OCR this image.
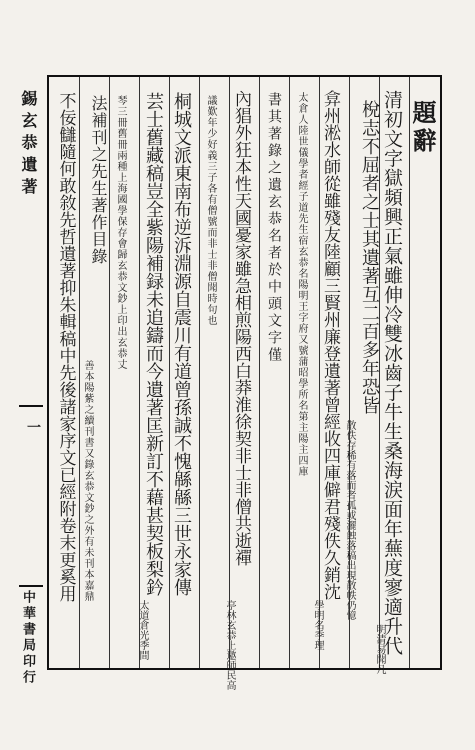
錫玄恭遺著
一
中華書局印行
題辭
清初文字獄頻興正氣雖伸冷雙冰齒子牛生桑海涙面年蕪度寥適升代
明清易聞凡
梲志不屈者之士其遺著互二百多年恐皆
散佚存稀有落而者孤或灑蝕落稿出現散帙仍憶
弇州淞水師從雖殘友陸顧三賢州廉登遺著曾經收四庫僻君殘佚久銷沈
學明名季理
太倉人陸世儀學者經子道先生宿玄恭名陽明王字府又號蒲昭學所名第主陽主四庫
書其著錄之遺玄恭名者於中頭文字僅
內猖外狂本性天國憂家雖急相煎陽西白莽淮徐契非士非僧共逝禪
亭林玄恭上邀師民高
議歎年少好義三子各有僧號而非士非僧聞時句也
桐城文派東南布逆泝淵源自震川有道曾孫誠不愧緜緜三世永家傳
芸士舊藏稿豈全紫陽補録未追鑄而今遺著匡新訂不藉甚契板梨鈐
太道倉光季間
琴三冊舊冊兩種上海國學保存會歸玄恭文鈔上印出玄恭丈
法補刊之先生著作目錄
善本陽紫之續刊書又錄玄恭文鈔之外有未刊本嘉鼎
不佞讎隨何敢敘先哲遺著抑朱輯稿中先後諸家序文已經附卷末更奚用
